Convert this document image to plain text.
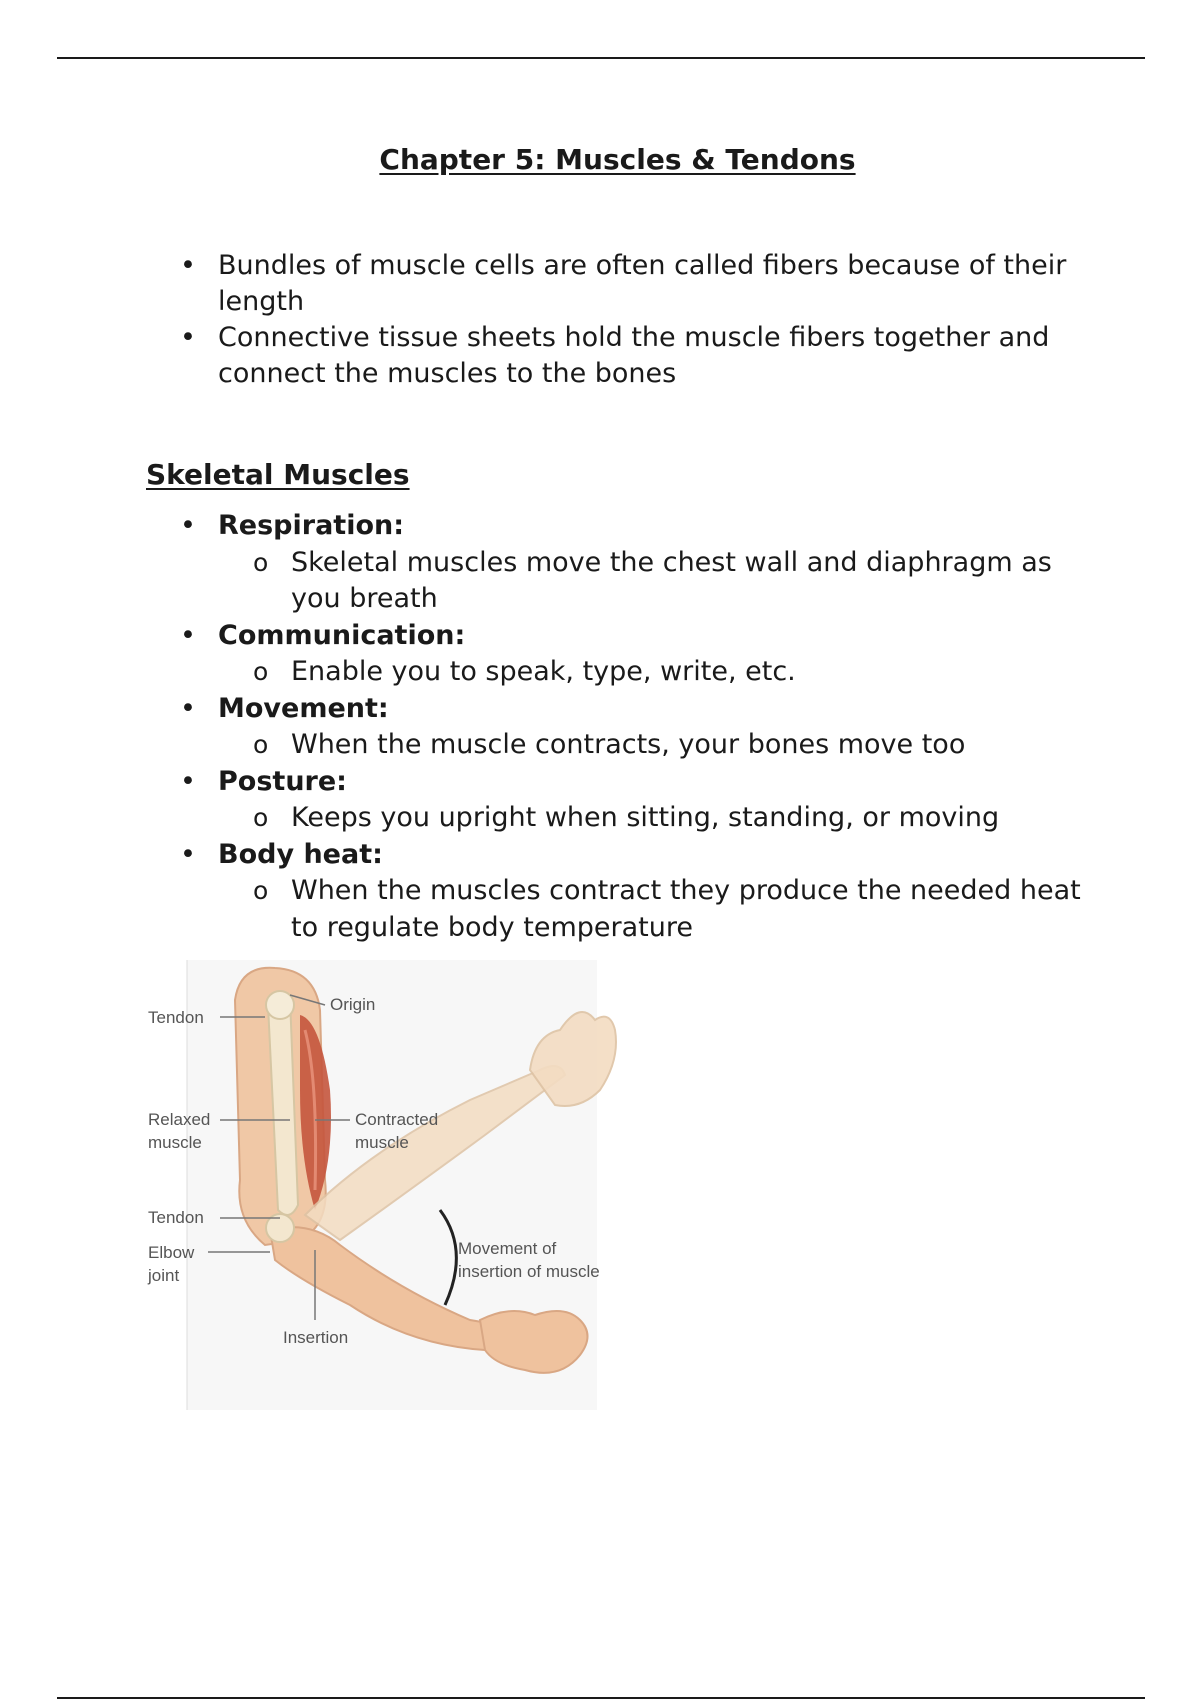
Chapter 5: Muscles & Tendons
• Bundles of muscle cells are often called fibers because of their length
• Connective tissue sheets hold the muscle fibers together and connect the muscles to the bones
Skeletal Muscles
• Respiration:
o Skeletal muscles move the chest wall and diaphragm as you breath
• Communication:
o Enable you to speak, type, write, etc.
• Movement:
o When the muscle contracts, your bones move too
• Posture:
o Keeps you upright when sitting, standing, or moving
• Body heat:
o When the muscles contract they produce the needed heat to regulate body temperature
Tendon
Origin
Relaxed
muscle
Contracted
muscle
Tendon
Elbow
joint
Movement of
insertion of muscle
Insertion
